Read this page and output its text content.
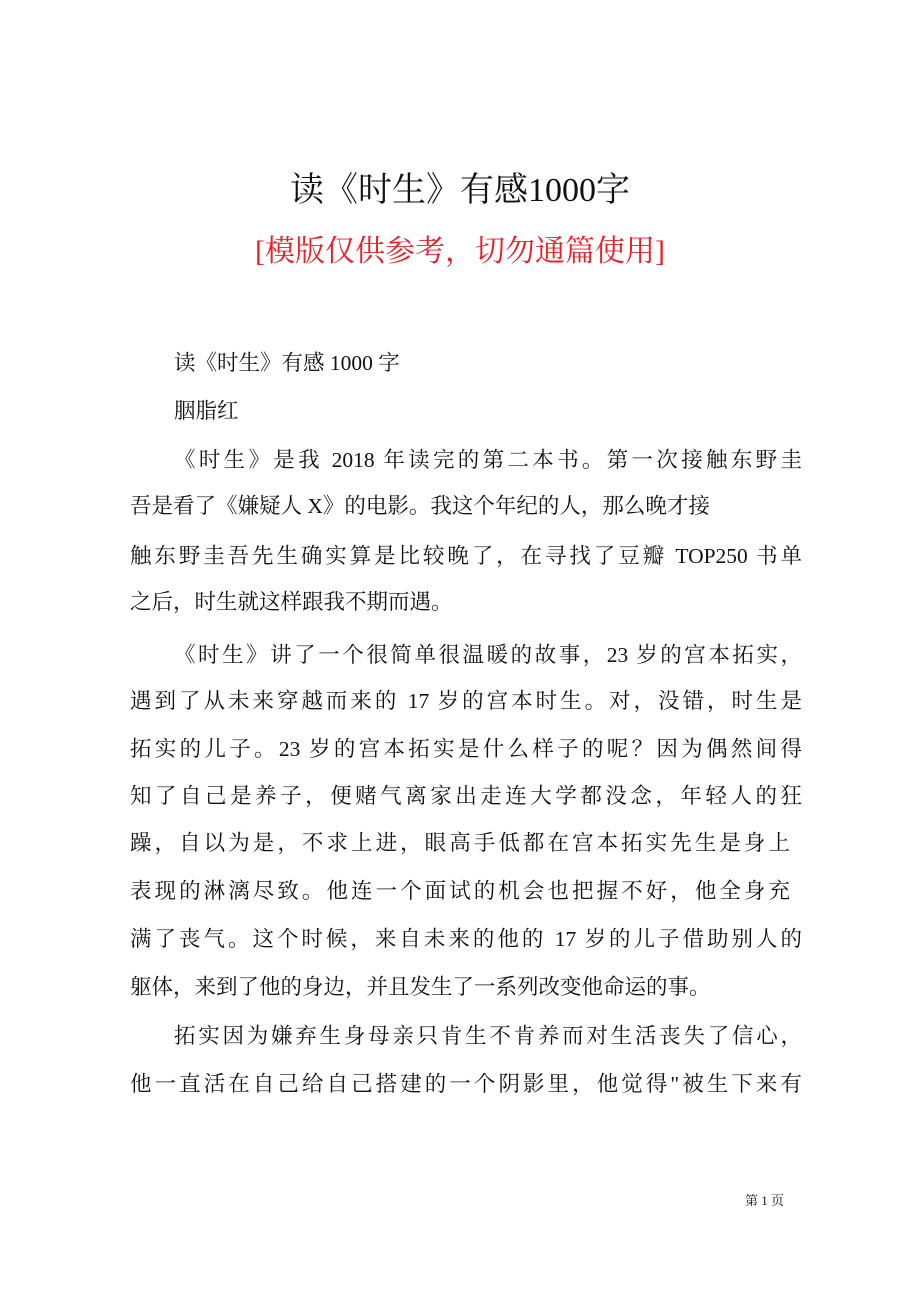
读《时生》有感1000字
[模版仅供参考，切勿通篇使用]
读《时生》有感 1000 字
胭脂红
《时生》是我 2018 年读完的第二本书。第一次接触东野圭
吾是看了《嫌疑人 X》的电影。我这个年纪的人，那么晚才接
触东野圭吾先生确实算是比较晚了，在寻找了豆瓣 TOP250 书单
之后，时生就这样跟我不期而遇。
《时生》讲了一个很简单很温暖的故事，23 岁的宫本拓实，
遇到了从未来穿越而来的 17 岁的宫本时生。对，没错，时生是
拓实的儿子。23 岁的宫本拓实是什么样子的呢？因为偶然间得
知了自己是养子，便赌气离家出走连大学都没念，年轻人的狂
躁，自以为是，不求上进，眼高手低都在宫本拓实先生是身上
表现的淋漓尽致。他连一个面试的机会也把握不好，他全身充
满了丧气。这个时候，来自未来的他的 17 岁的儿子借助别人的
躯体，来到了他的身边，并且发生了一系列改变他命运的事。
拓实因为嫌弃生身母亲只肯生不肯养而对生活丧失了信心，
他一直活在自己给自己搭建的一个阴影里，他觉得"被生下来有
第 1 页
